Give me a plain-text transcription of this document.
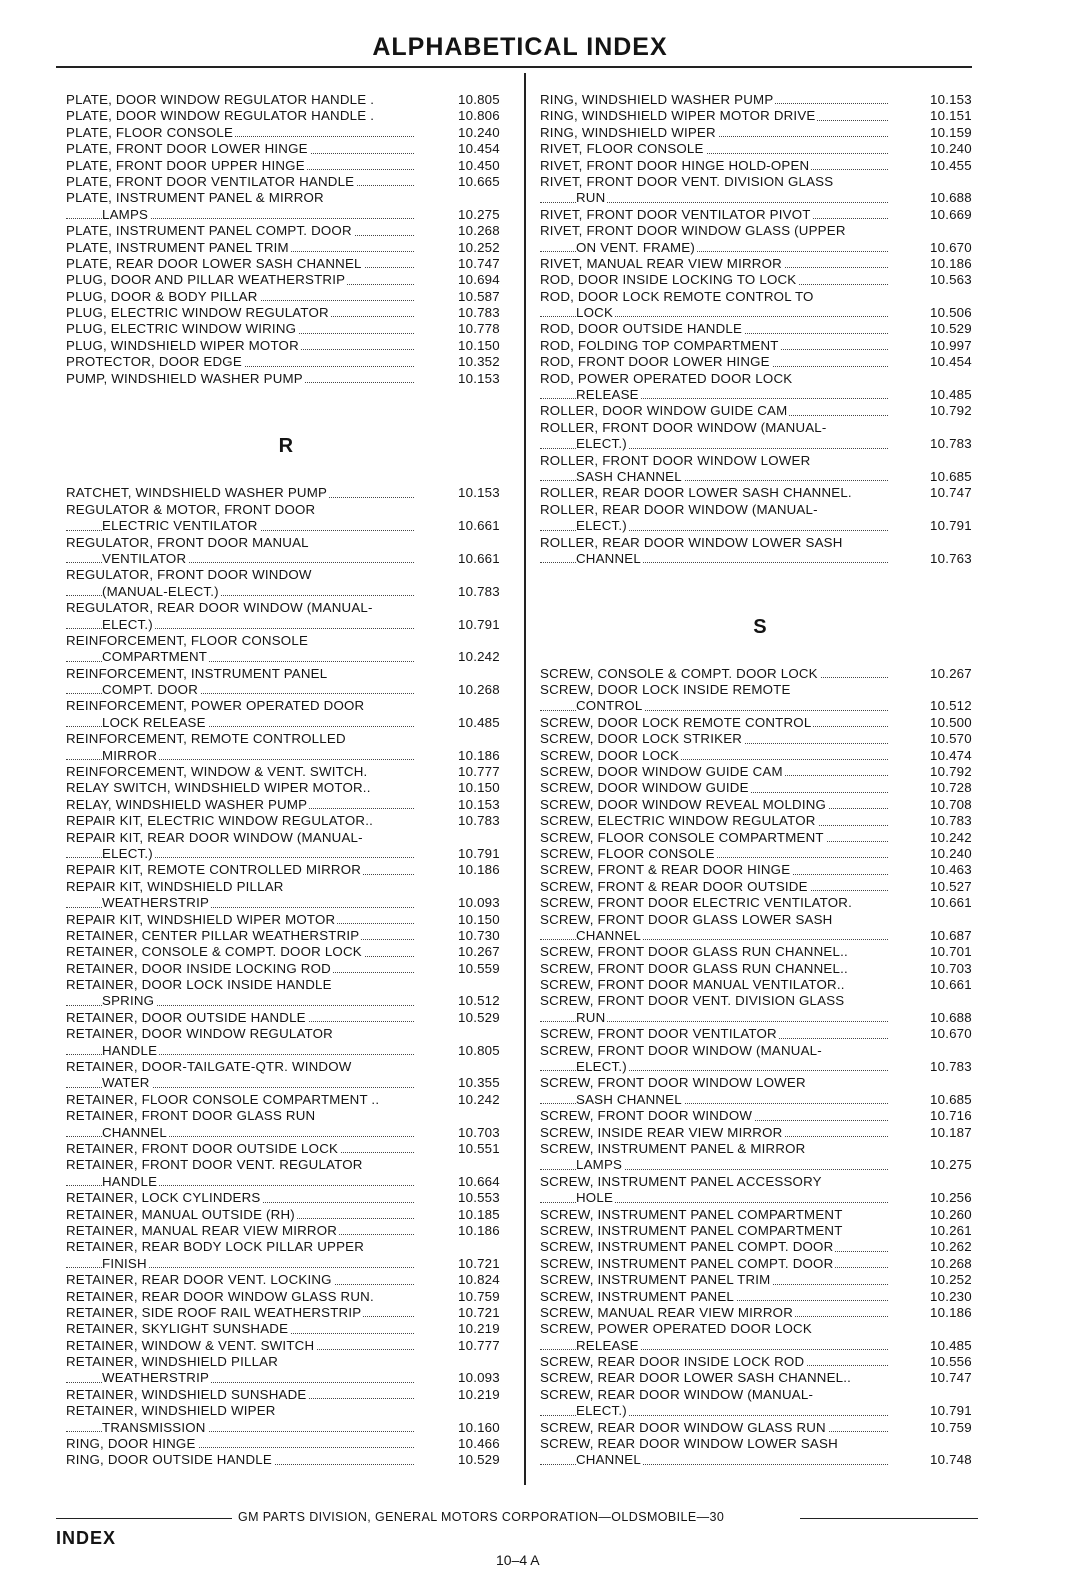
ALPHABETICAL INDEX
PLATE, DOOR WINDOW REGULATOR HANDLE .	10.805
PLATE, DOOR WINDOW REGULATOR HANDLE .	10.806
PLATE, FLOOR CONSOLE	10.240
PLATE, FRONT DOOR LOWER HINGE	10.454
PLATE, FRONT DOOR UPPER HINGE	10.450
PLATE, FRONT DOOR VENTILATOR HANDLE	10.665
PLATE, INSTRUMENT PANEL & MIRROR
LAMPS	10.275
PLATE, INSTRUMENT PANEL COMPT. DOOR	10.268
PLATE, INSTRUMENT PANEL TRIM	10.252
PLATE, REAR DOOR LOWER SASH CHANNEL	10.747
PLUG, DOOR AND PILLAR WEATHERSTRIP	10.694
PLUG, DOOR & BODY PILLAR	10.587
PLUG, ELECTRIC WINDOW REGULATOR	10.783
PLUG, ELECTRIC WINDOW WIRING	10.778
PLUG, WINDSHIELD WIPER MOTOR	10.150
PROTECTOR, DOOR EDGE	10.352
PUMP, WINDSHIELD WASHER PUMP	10.153
R
RATCHET, WINDSHIELD WASHER PUMP	10.153
REGULATOR & MOTOR, FRONT DOOR
ELECTRIC VENTILATOR	10.661
REGULATOR, FRONT DOOR MANUAL
VENTILATOR	10.661
REGULATOR, FRONT DOOR WINDOW
(MANUAL-ELECT.)	10.783
REGULATOR, REAR DOOR WINDOW (MANUAL-
ELECT.)	10.791
REINFORCEMENT, FLOOR CONSOLE
COMPARTMENT	10.242
REINFORCEMENT, INSTRUMENT PANEL
COMPT. DOOR	10.268
REINFORCEMENT, POWER OPERATED DOOR
LOCK RELEASE	10.485
REINFORCEMENT, REMOTE CONTROLLED
MIRROR	10.186
REINFORCEMENT, WINDOW & VENT. SWITCH.	10.777
RELAY SWITCH, WINDSHIELD WIPER MOTOR..	10.150
RELAY, WINDSHIELD WASHER PUMP	10.153
REPAIR KIT, ELECTRIC WINDOW REGULATOR..	10.783
REPAIR KIT, REAR DOOR WINDOW (MANUAL-
ELECT.)	10.791
REPAIR KIT, REMOTE CONTROLLED MIRROR	10.186
REPAIR KIT, WINDSHIELD PILLAR
WEATHERSTRIP	10.093
REPAIR KIT, WINDSHIELD WIPER MOTOR	10.150
RETAINER, CENTER PILLAR WEATHERSTRIP	10.730
RETAINER, CONSOLE & COMPT. DOOR LOCK	10.267
RETAINER, DOOR INSIDE LOCKING ROD	10.559
RETAINER, DOOR LOCK INSIDE HANDLE
SPRING	10.512
RETAINER, DOOR OUTSIDE HANDLE	10.529
RETAINER, DOOR WINDOW REGULATOR
HANDLE	10.805
RETAINER, DOOR-TAILGATE-QTR. WINDOW
WATER	10.355
RETAINER, FLOOR CONSOLE COMPARTMENT ..	10.242
RETAINER, FRONT DOOR GLASS RUN
CHANNEL	10.703
RETAINER, FRONT DOOR OUTSIDE LOCK	10.551
RETAINER, FRONT DOOR VENT. REGULATOR
HANDLE	10.664
RETAINER, LOCK CYLINDERS	10.553
RETAINER, MANUAL OUTSIDE (RH)	10.185
RETAINER, MANUAL REAR VIEW MIRROR	10.186
RETAINER, REAR BODY LOCK PILLAR UPPER
FINISH	10.721
RETAINER, REAR DOOR VENT. LOCKING	10.824
RETAINER, REAR DOOR WINDOW GLASS RUN.	10.759
RETAINER, SIDE ROOF RAIL WEATHERSTRIP	10.721
RETAINER, SKYLIGHT SUNSHADE	10.219
RETAINER, WINDOW & VENT. SWITCH	10.777
RETAINER, WINDSHIELD PILLAR
WEATHERSTRIP	10.093
RETAINER, WINDSHIELD SUNSHADE	10.219
RETAINER, WINDSHIELD WIPER
TRANSMISSION	10.160
RING, DOOR HINGE	10.466
RING, DOOR OUTSIDE HANDLE	10.529
RING, WINDSHIELD WASHER PUMP	10.153
RING, WINDSHIELD WIPER MOTOR DRIVE	10.151
RING, WINDSHIELD WIPER	10.159
RIVET, FLOOR CONSOLE	10.240
RIVET, FRONT DOOR HINGE HOLD-OPEN	10.455
RIVET, FRONT DOOR VENT. DIVISION GLASS
RUN	10.688
RIVET, FRONT DOOR VENTILATOR PIVOT	10.669
RIVET, FRONT DOOR WINDOW GLASS (UPPER
ON VENT. FRAME)	10.670
RIVET, MANUAL REAR VIEW MIRROR	10.186
ROD, DOOR INSIDE LOCKING TO LOCK	10.563
ROD, DOOR LOCK REMOTE CONTROL TO
LOCK	10.506
ROD, DOOR OUTSIDE HANDLE	10.529
ROD, FOLDING TOP COMPARTMENT	10.997
ROD, FRONT DOOR LOWER HINGE	10.454
ROD, POWER OPERATED DOOR LOCK
RELEASE	10.485
ROLLER, DOOR WINDOW GUIDE CAM	10.792
ROLLER, FRONT DOOR WINDOW (MANUAL-
ELECT.)	10.783
ROLLER, FRONT DOOR WINDOW LOWER
SASH CHANNEL	10.685
ROLLER, REAR DOOR LOWER SASH CHANNEL.	10.747
ROLLER, REAR DOOR WINDOW (MANUAL-
ELECT.)	10.791
ROLLER, REAR DOOR WINDOW LOWER SASH
CHANNEL	10.763
S
SCREW, CONSOLE & COMPT. DOOR LOCK	10.267
SCREW, DOOR LOCK INSIDE REMOTE
CONTROL	10.512
SCREW, DOOR LOCK REMOTE CONTROL	10.500
SCREW, DOOR LOCK STRIKER	10.570
SCREW, DOOR LOCK	10.474
SCREW, DOOR WINDOW GUIDE CAM	10.792
SCREW, DOOR WINDOW GUIDE	10.728
SCREW, DOOR WINDOW REVEAL MOLDING	10.708
SCREW, ELECTRIC WINDOW REGULATOR	10.783
SCREW, FLOOR CONSOLE COMPARTMENT	10.242
SCREW, FLOOR CONSOLE	10.240
SCREW, FRONT & REAR DOOR HINGE	10.463
SCREW, FRONT & REAR DOOR OUTSIDE	10.527
SCREW, FRONT DOOR ELECTRIC VENTILATOR.	10.661
SCREW, FRONT DOOR GLASS LOWER SASH
CHANNEL	10.687
SCREW, FRONT DOOR GLASS RUN CHANNEL..	10.701
SCREW, FRONT DOOR GLASS RUN CHANNEL..	10.703
SCREW, FRONT DOOR MANUAL VENTILATOR..	10.661
SCREW, FRONT DOOR VENT. DIVISION GLASS
RUN	10.688
SCREW, FRONT DOOR VENTILATOR	10.670
SCREW, FRONT DOOR WINDOW (MANUAL-
ELECT.)	10.783
SCREW, FRONT DOOR WINDOW LOWER
SASH CHANNEL	10.685
SCREW, FRONT DOOR WINDOW	10.716
SCREW, INSIDE REAR VIEW MIRROR	10.187
SCREW, INSTRUMENT PANEL & MIRROR
LAMPS	10.275
SCREW, INSTRUMENT PANEL ACCESSORY
HOLE	10.256
SCREW, INSTRUMENT PANEL COMPARTMENT	10.260
SCREW, INSTRUMENT PANEL COMPARTMENT	10.261
SCREW, INSTRUMENT PANEL COMPT. DOOR	10.262
SCREW, INSTRUMENT PANEL COMPT. DOOR	10.268
SCREW, INSTRUMENT PANEL TRIM	10.252
SCREW, INSTRUMENT PANEL	10.230
SCREW, MANUAL REAR VIEW MIRROR	10.186
SCREW, POWER OPERATED DOOR LOCK
RELEASE	10.485
SCREW, REAR DOOR INSIDE LOCK ROD	10.556
SCREW, REAR DOOR LOWER SASH CHANNEL..	10.747
SCREW, REAR DOOR WINDOW (MANUAL-
ELECT.)	10.791
SCREW, REAR DOOR WINDOW GLASS RUN	10.759
SCREW, REAR DOOR WINDOW LOWER SASH
CHANNEL	10.748
GM PARTS DIVISION, GENERAL MOTORS CORPORATION—OLDSMOBILE—30
INDEX
10–4 A
